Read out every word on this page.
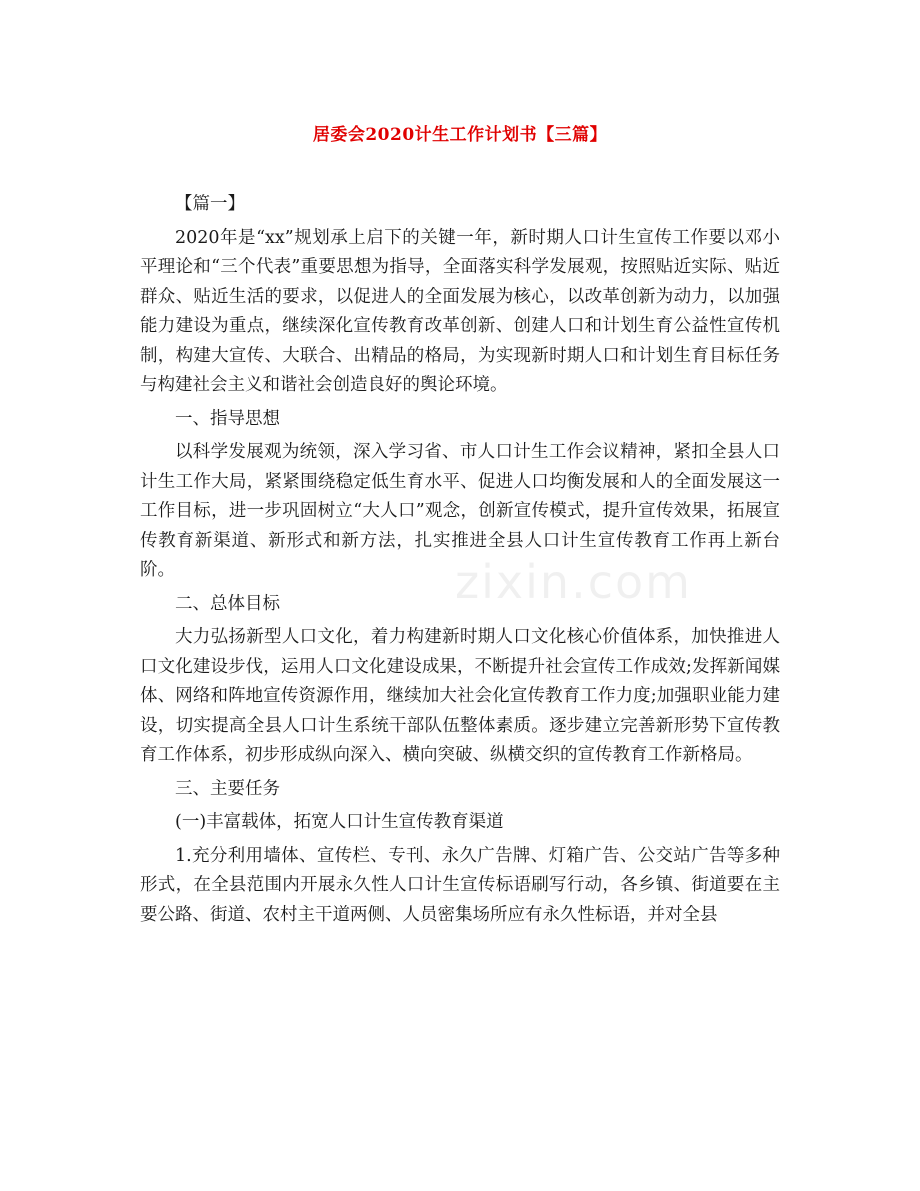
居委会2020计生工作计划书【三篇】

【篇一】

2020年是“xx”规划承上启下的关键一年，新时期人口计生宣传工作要以邓小平理论和“三个代表”重要思想为指导，全面落实科学发展观，按照贴近实际、贴近群众、贴近生活的要求，以促进人的全面发展为核心，以改革创新为动力，以加强能力建设为重点，继续深化宣传教育改革创新、创建人口和计划生育公益性宣传机制，构建大宣传、大联合、出精品的格局，为实现新时期人口和计划生育目标任务与构建社会主义和谐社会创造良好的舆论环境。

一、指导思想

以科学发展观为统领，深入学习省、市人口计生工作会议精神，紧扣全县人口计生工作大局，紧紧围绕稳定低生育水平、促进人口均衡发展和人的全面发展这一工作目标，进一步巩固树立“大人口”观念，创新宣传模式，提升宣传效果，拓展宣传教育新渠道、新形式和新方法，扎实推进全县人口计生宣传教育工作再上新台阶。

二、总体目标

大力弘扬新型人口文化，着力构建新时期人口文化核心价值体系，加快推进人口文化建设步伐，运用人口文化建设成果，不断提升社会宣传工作成效;发挥新闻媒体、网络和阵地宣传资源作用，继续加大社会化宣传教育工作力度;加强职业能力建设，切实提高全县人口计生系统干部队伍整体素质。逐步建立完善新形势下宣传教育工作体系，初步形成纵向深入、横向突破、纵横交织的宣传教育工作新格局。

三、主要任务

(一)丰富载体，拓宽人口计生宣传教育渠道

1.充分利用墙体、宣传栏、专刊、永久广告牌、灯箱广告、公交站广告等多种形式，在全县范围内开展永久性人口计生宣传标语刷写行动，各乡镇、街道要在主要公路、街道、农村主干道两侧、人员密集场所应有永久性标语，并对全县

zixin.com
